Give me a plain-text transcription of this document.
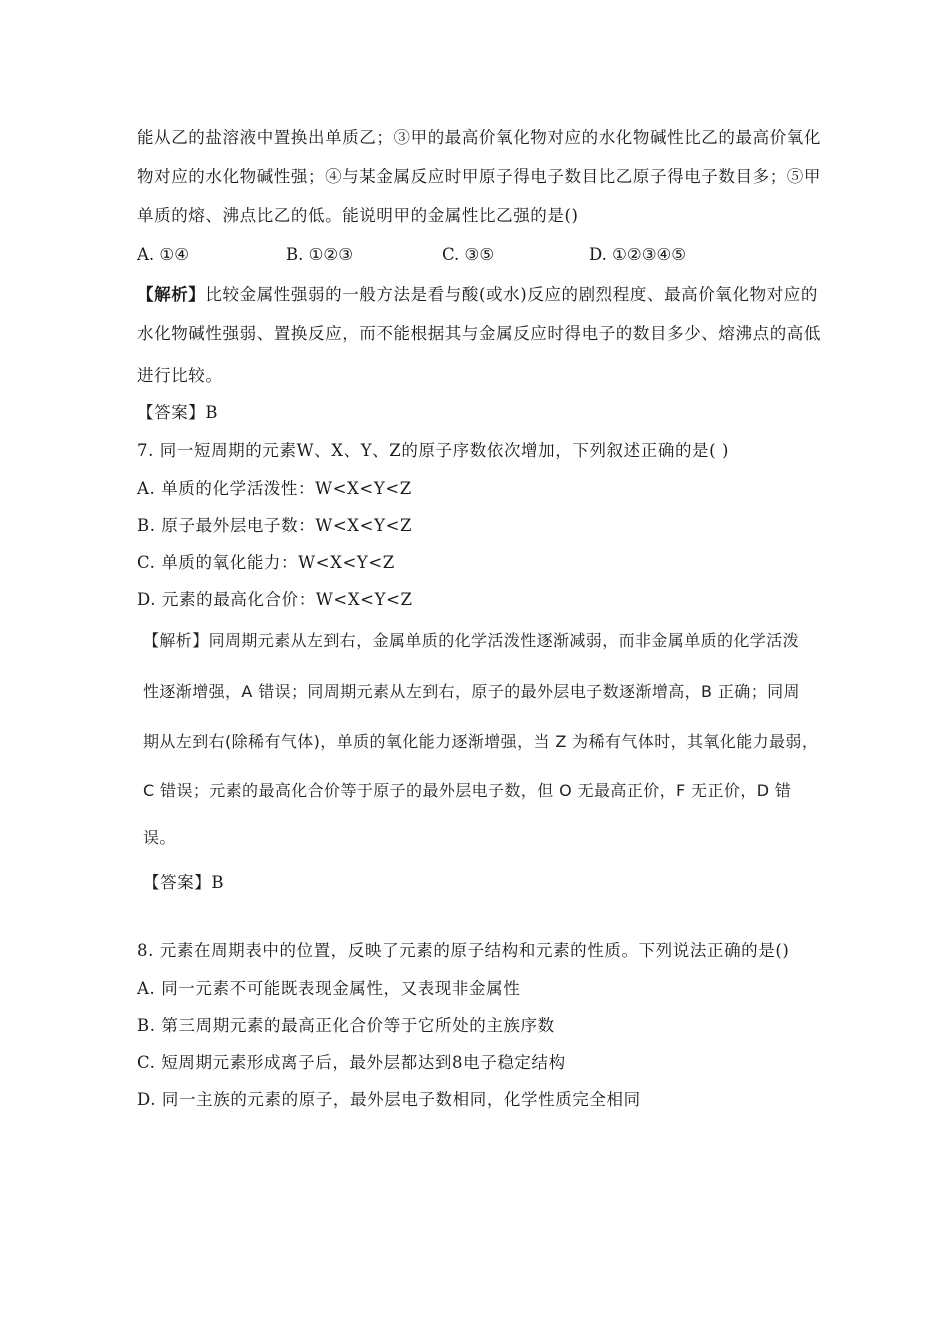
能从乙的盐溶液中置换出单质乙；③甲的最高价氧化物对应的水化物碱性比乙的最高价氧化
物对应的水化物碱性强；④与某金属反应时甲原子得电子数目比乙原子得电子数目多；⑤甲
单质的熔、沸点比乙的低。能说明甲的金属性比乙强的是()
A. ①④	B. ①②③	C. ③⑤	D. ①②③④⑤
【解析】比较金属性强弱的一般方法是看与酸(或水)反应的剧烈程度、最高价氧化物对应的
水化物碱性强弱、置换反应，而不能根据其与金属反应时得电子的数目多少、熔沸点的高低
进行比较。
【答案】B
7. 同一短周期的元素W、X、Y、Z的原子序数依次增加，下列叙述正确的是( )
A. 单质的化学活泼性：W<X<Y<Z
B. 原子最外层电子数：W<X<Y<Z
C. 单质的氧化能力：W<X<Y<Z
D. 元素的最高化合价：W<X<Y<Z
【解析】同周期元素从左到右，金属单质的化学活泼性逐渐减弱，而非金属单质的化学活泼
性逐渐增强，A 错误；同周期元素从左到右，原子的最外层电子数逐渐增高，B 正确；同周
期从左到右(除稀有气体)，单质的氧化能力逐渐增强，当 Z 为稀有气体时，其氧化能力最弱，
C 错误；元素的最高化合价等于原子的最外层电子数，但 O 无最高正价，F 无正价，D 错
误。
【答案】B
8. 元素在周期表中的位置，反映了元素的原子结构和元素的性质。下列说法正确的是()
A. 同一元素不可能既表现金属性，又表现非金属性
B. 第三周期元素的最高正化合价等于它所处的主族序数
C. 短周期元素形成离子后，最外层都达到8电子稳定结构
D. 同一主族的元素的原子，最外层电子数相同，化学性质完全相同
